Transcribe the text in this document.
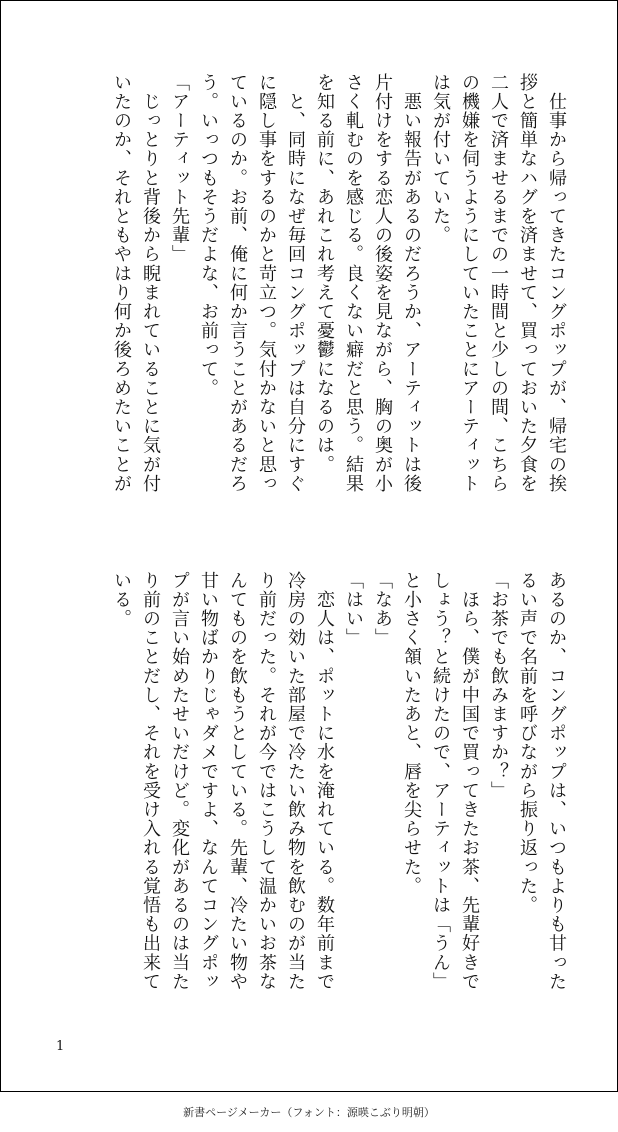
　仕事から帰ってきたコングポップが、帰宅の挨

拶と簡単なハグを済ませて、買っておいた夕食を

二人で済ませるまでの一時間と少しの間、こちら

の機嫌を伺うようにしていたことにアーティット

は気が付いていた。

　悪い報告があるのだろうか、アーティットは後

片付けをする恋人の後姿を見ながら、胸の奥が小

さく軋むのを感じる。良くない癖だと思う。結果

を知る前に、あれこれ考えて憂鬱になるのは。

　と、同時になぜ毎回コングポップは自分にすぐ

に隠し事をするのかと苛立つ。気付かないと思っ

ているのか。お前、俺に何か言うことがあるだろ

う。いっつもそうだよな、お前って。

「アーティット先輩」

　じっとりと背後から睨まれていることに気が付

いたのか、それともやはり何か後ろめたいことが

あるのか、コングポップは、いつもよりも甘った

るい声で名前を呼びながら振り返った。

「お茶でも飲みますか？」

　ほら、僕が中国で買ってきたお茶、先輩好きで

しょう？と続けたので、アーティットは「うん」

と小さく頷いたあと、唇を尖らせた。

「なあ」

「はい」

　恋人は、ポットに水を淹れている。数年前まで

冷房の効いた部屋で冷たい飲み物を飲むのが当た

り前だった。それが今ではこうして温かいお茶な

んてものを飲もうとしている。先輩、冷たい物や

甘い物ばかりじゃダメですよ、なんてコングポッ

プが言い始めたせいだけど。変化があるのは当た

り前のことだし、それを受け入れる覚悟も出来て

いる。

1
新書ページメーカー（フォント：源暎こぶり明朝）
